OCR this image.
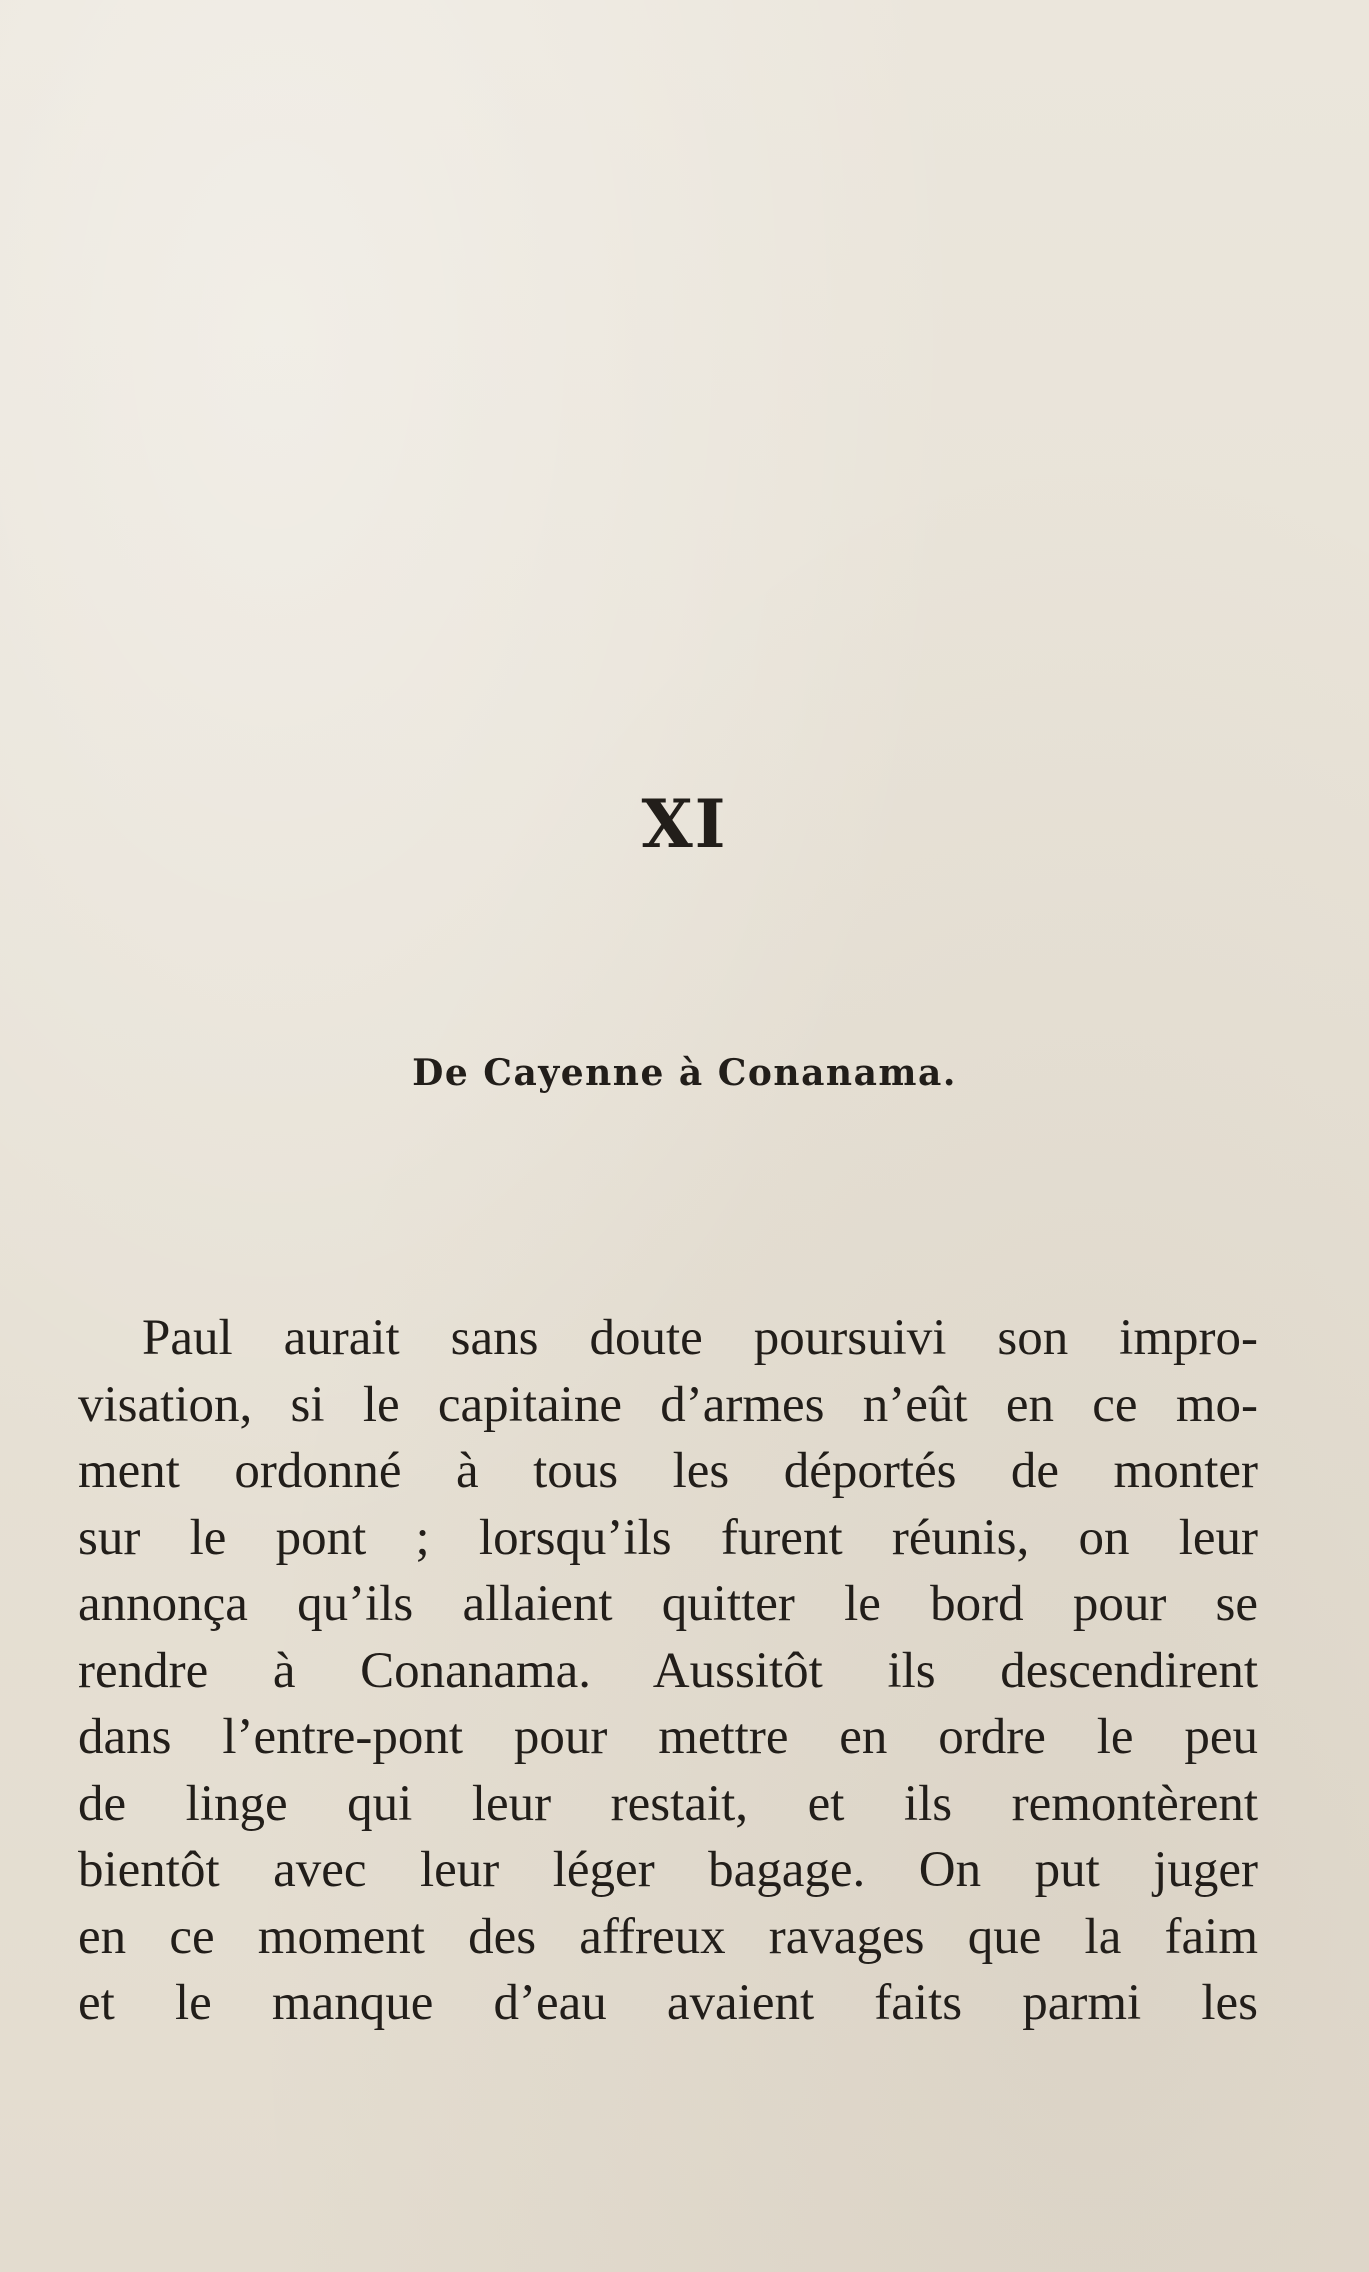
XI
De Cayenne à Conanama.
Paul aurait sans doute poursuivi son impro-
visation, si le capitaine d’armes n’eût en ce mo-
ment ordonné à tous les déportés de monter
sur le pont ; lorsqu’ils furent réunis, on leur
annonça qu’ils allaient quitter le bord pour se
rendre à Conanama. Aussitôt ils descendirent
dans l’entre-pont pour mettre en ordre le peu
de linge qui leur restait, et ils remontèrent
bientôt avec leur léger bagage. On put juger
en ce moment des affreux ravages que la faim
et le manque d’eau avaient faits parmi les
